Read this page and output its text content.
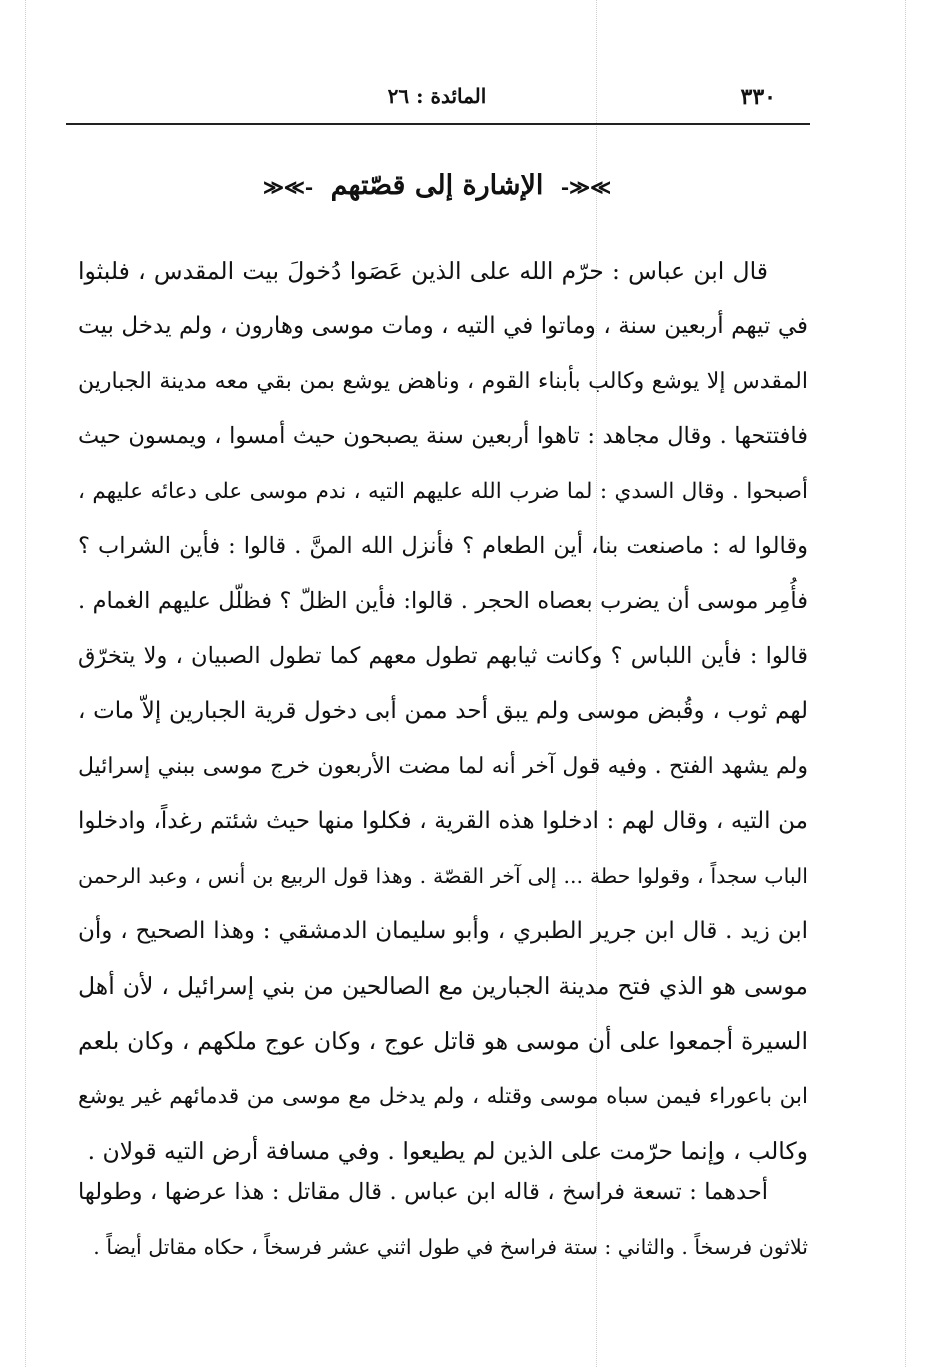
٣٣٠
المائدة : ٢٦
≫≪- الإشارة إلى قصّتهم -≫≪
قال ابن عباس : حرّم الله على الذين عَصَوا دُخولَ بيت المقدس ، فلبثوا
في تيهم أربعين سنة ، وماتوا في التيه ، ومات موسى وهارون ، ولم يدخل بيت
المقدس إلا يوشع وكالب بأبناء القوم ، وناهض يوشع بمن بقي معه مدينة الجبارين
فافتتحها . وقال مجاهد : تاهوا أربعين سنة يصبحون حيث أمسوا ، ويمسون حيث
أصبحوا . وقال السدي : لما ضرب الله عليهم التيه ، ندم موسى على دعائه عليهم ،
وقالوا له : ماصنعت بنا، أين الطعام ؟ فأنزل الله المنَّ . قالوا : فأين الشراب ؟
فأُمِر موسى أن يضرب بعصاه الحجر . قالوا: فأين الظلّ ؟ فظلّل عليهم الغمام .
قالوا : فأين اللباس ؟ وكانت ثيابهم تطول معهم كما تطول الصبيان ، ولا يتخرّق
لهم ثوب ، وقُبض موسى ولم يبق أحد ممن أبى دخول قرية الجبارين إلاّ مات ،
ولم يشهد الفتح . وفيه قول آخر أنه لما مضت الأربعون خرج موسى ببني إسرائيل
من التيه ، وقال لهم : ادخلوا هذه القرية ، فكلوا منها حيث شئتم رغداً، وادخلوا
الباب سجداً ، وقولوا حطة ... إلى آخر القصّة . وهذا قول الربيع بن أنس ، وعبد الرحمن
ابن زيد . قال ابن جرير الطبري ، وأبو سليمان الدمشقي : وهذا الصحيح ، وأن
موسى هو الذي فتح مدينة الجبارين مع الصالحين من بني إسرائيل ، لأن أهل
السيرة أجمعوا على أن موسى هو قاتل عوج ، وكان عوج ملكهم ، وكان بلعم
ابن باعوراء فيمن سباه موسى وقتله ، ولم يدخل مع موسى من قدمائهم غير يوشع
وكالب ، وإنما حرّمت على الذين لم يطيعوا . وفي مسافة أرض التيه قولان .
أحدهما : تسعة فراسخ ، قاله ابن عباس . قال مقاتل : هذا عرضها ، وطولها
ثلاثون فرسخاً . والثاني : ستة فراسخ في طول اثني عشر فرسخاً ، حكاه مقاتل أيضاً .
